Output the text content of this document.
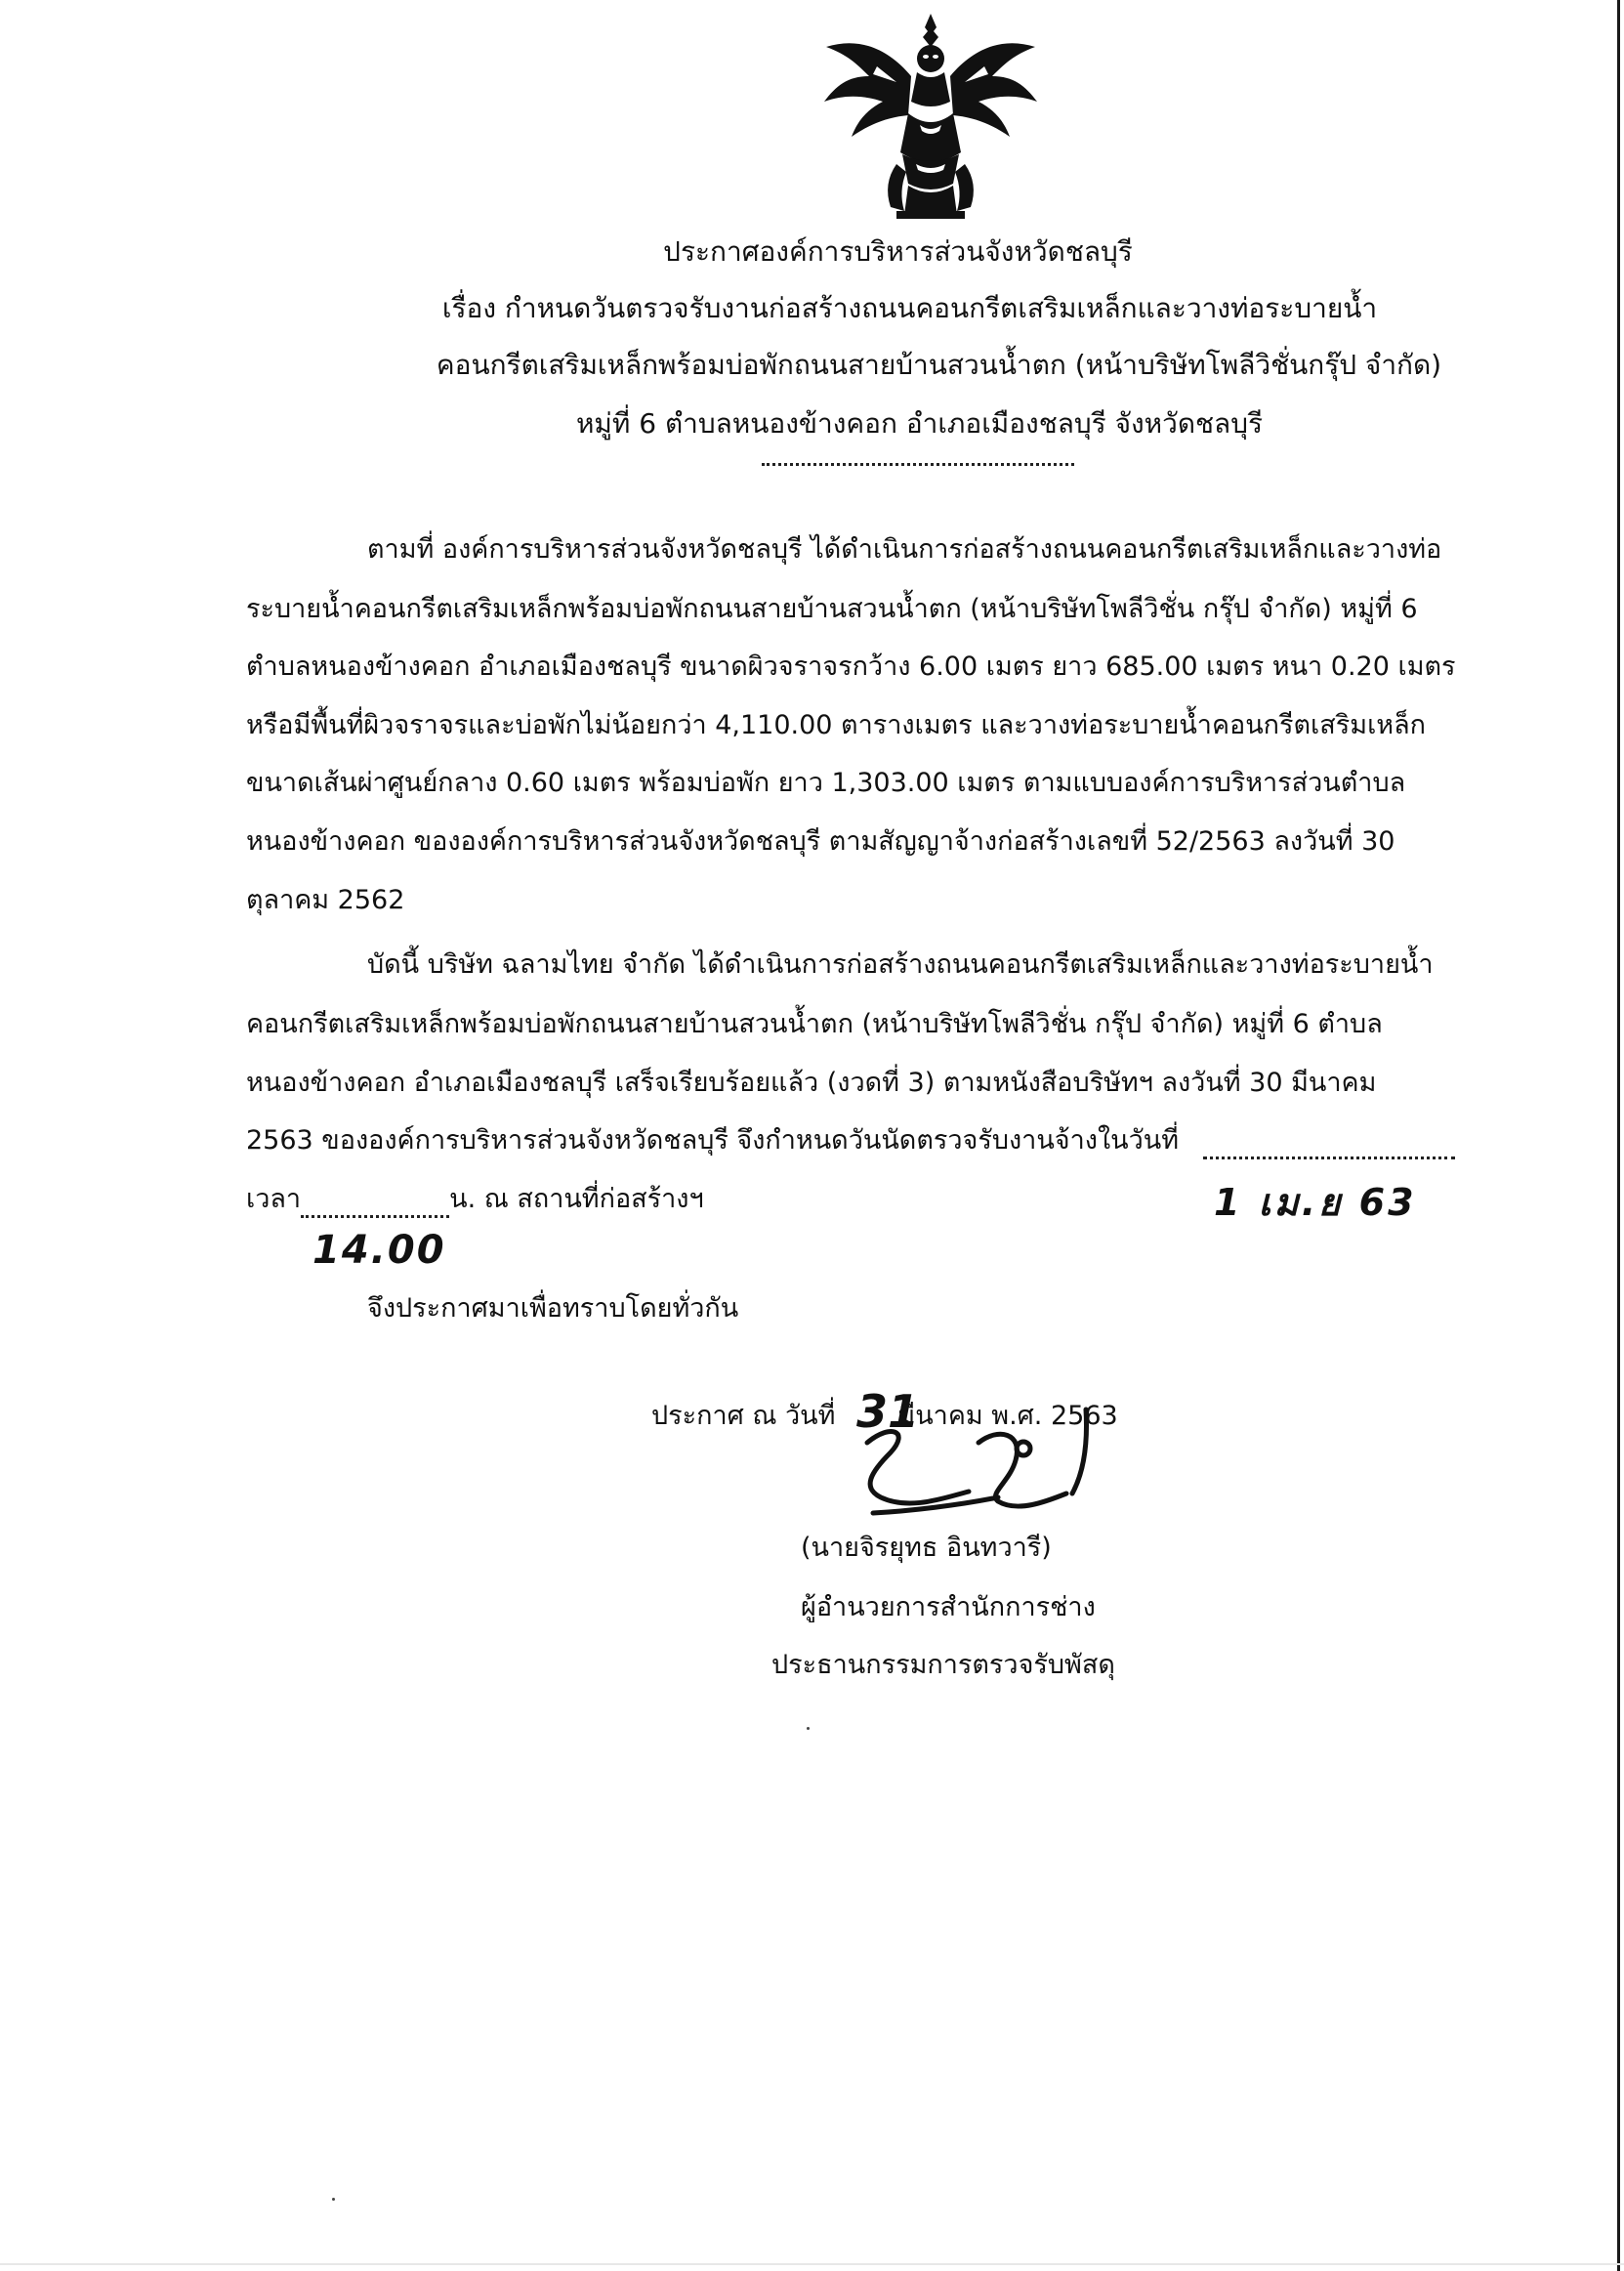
ประกาศองค์การบริหารส่วนจังหวัดชลบุรี
เรื่อง กำหนดวันตรวจรับงานก่อสร้างถนนคอนกรีตเสริมเหล็กและวางท่อระบายน้ำ
คอนกรีตเสริมเหล็กพร้อมบ่อพักถนนสายบ้านสวนน้ำตก (หน้าบริษัทโพลีวิชั่นกรุ๊ป จำกัด)
หมู่ที่ 6 ตำบลหนองข้างคอก อำเภอเมืองชลบุรี จังหวัดชลบุรี
ตามที่ องค์การบริหารส่วนจังหวัดชลบุรี ได้ดำเนินการก่อสร้างถนนคอนกรีตเสริมเหล็กและวางท่อ
ระบายน้ำคอนกรีตเสริมเหล็กพร้อมบ่อพักถนนสายบ้านสวนน้ำตก (หน้าบริษัทโพลีวิชั่น กรุ๊ป จำกัด) หมู่ที่ 6
ตำบลหนองข้างคอก อำเภอเมืองชลบุรี ขนาดผิวจราจรกว้าง 6.00 เมตร ยาว 685.00 เมตร หนา 0.20 เมตร
หรือมีพื้นที่ผิวจราจรและบ่อพักไม่น้อยกว่า 4,110.00 ตารางเมตร และวางท่อระบายน้ำคอนกรีตเสริมเหล็ก
ขนาดเส้นผ่าศูนย์กลาง 0.60 เมตร พร้อมบ่อพัก ยาว 1,303.00 เมตร ตามแบบองค์การบริหารส่วนตำบล
หนองข้างคอก ขององค์การบริหารส่วนจังหวัดชลบุรี ตามสัญญาจ้างก่อสร้างเลขที่ 52/2563 ลงวันที่ 30
ตุลาคม 2562
บัดนี้ บริษัท ฉลามไทย จำกัด ได้ดำเนินการก่อสร้างถนนคอนกรีตเสริมเหล็กและวางท่อระบายน้ำ
คอนกรีตเสริมเหล็กพร้อมบ่อพักถนนสายบ้านสวนน้ำตก (หน้าบริษัทโพลีวิชั่น กรุ๊ป จำกัด) หมู่ที่ 6 ตำบล
หนองข้างคอก อำเภอเมืองชลบุรี เสร็จเรียบร้อยแล้ว (งวดที่ 3) ตามหนังสือบริษัทฯ ลงวันที่ 30 มีนาคม
2563 ขององค์การบริหารส่วนจังหวัดชลบุรี จึงกำหนดวันนัดตรวจรับงานจ้างในวันที่

1 เม.ย 63
เวลา	น. ณ สถานที่ก่อสร้างฯ
14.00
จึงประกาศมาเพื่อทราบโดยทั่วกัน
ประกาศ ณ วันที่ มีนาคม พ.ศ. 2563
31
(นายจิรยุทธ อินทวารี)
ผู้อำนวยการสำนักการช่าง
ประธานกรรมการตรวจรับพัสดุ
